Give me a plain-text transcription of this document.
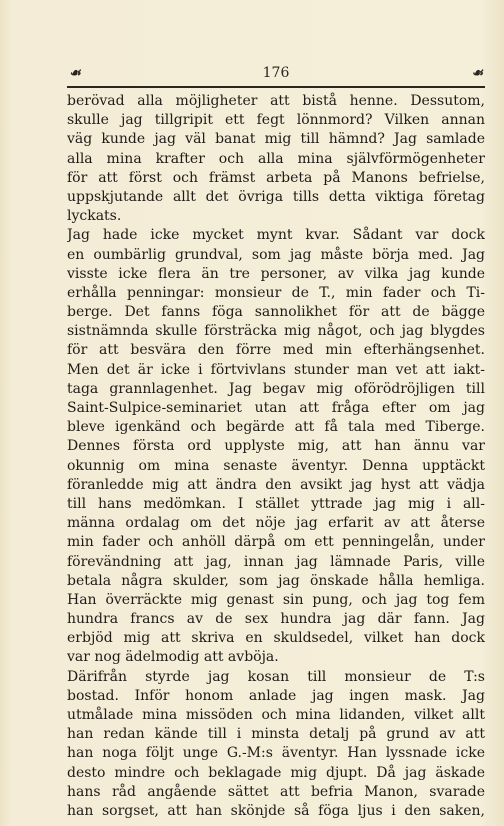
☙	176	☙
berövad alla möjligheter att bistå henne. Dessutom,
skulle jag tillgripit ett fegt lönnmord? Vilken annan
väg kunde jag väl banat mig till hämnd? Jag samlade
alla mina krafter och alla mina självförmögenheter
för att först och främst arbeta på Manons befrielse,
uppskjutande allt det övriga tills detta viktiga företag
lyckats.
Jag hade icke mycket mynt kvar. Sådant var dock
en oumbärlig grundval, som jag måste börja med. Jag
visste icke flera än tre personer, av vilka jag kunde
erhålla penningar: monsieur de T., min fader och Ti-
berge. Det fanns föga sannolikhet för att de bägge
sistnämnda skulle försträcka mig något, och jag blygdes
för att besvära den förre med min efterhängsenhet.
Men det är icke i förtvivlans stunder man vet att iakt-
taga grannlagenhet. Jag begav mig oförödröjligen till
Saint-Sulpice-seminariet utan att fråga efter om jag
bleve igenkänd och begärde att få tala med Tiberge.
Dennes första ord upplyste mig, att han ännu var
okunnig om mina senaste äventyr. Denna upptäckt
föranledde mig att ändra den avsikt jag hyst att vädja
till hans medömkan. I stället yttrade jag mig i all-
männa ordalag om det nöje jag erfarit av att återse
min fader och anhöll därpå om ett penningelån, under
förevändning att jag, innan jag lämnade Paris, ville
betala några skulder, som jag önskade hålla hemliga.
Han överräckte mig genast sin pung, och jag tog fem
hundra francs av de sex hundra jag där fann. Jag
erbjöd mig att skriva en skuldsedel, vilket han dock
var nog ädelmodig att avböja.
Därifrån styrde jag kosan till monsieur de T:s
bostad. Inför honom anlade jag ingen mask. Jag
utmålade mina missöden och mina lidanden, vilket allt
han redan kände till i minsta detalj på grund av att
han noga följt unge G.-M:s äventyr. Han lyssnade icke
desto mindre och beklagade mig djupt. Då jag äskade
hans råd angående sättet att befria Manon, svarade
han sorgset, att han skönjde så föga ljus i den saken,
